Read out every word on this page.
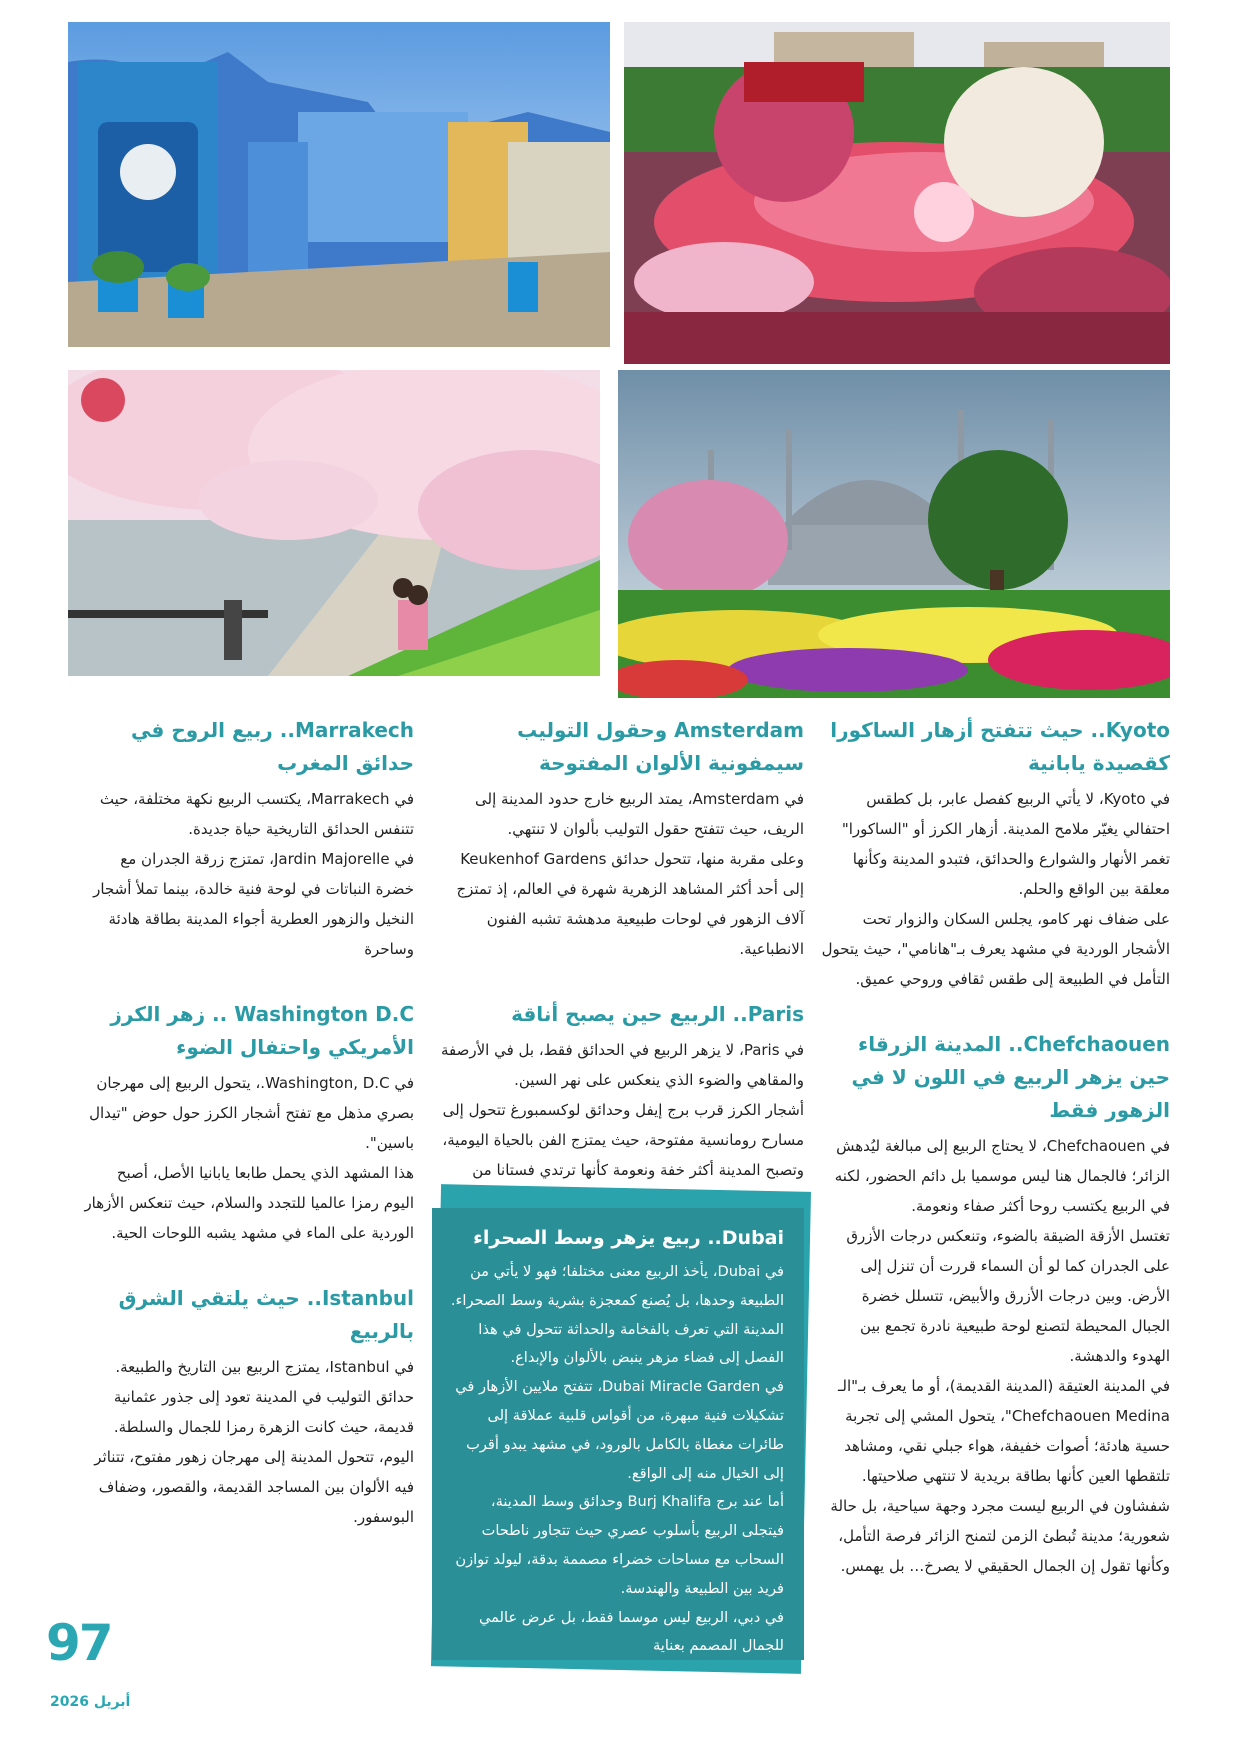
Kyoto.. حيث تتفتح أزهار الساكورا كقصيدة يابانية

في Kyoto، لا يأتي الربيع كفصل عابر، بل كطقس احتفالي يغيّر ملامح المدينة. أزهار الكرز أو "الساكورا" تغمر الأنهار والشوارع والحدائق، فتبدو المدينة وكأنها معلقة بين الواقع والحلم.

على ضفاف نهر كامو، يجلس السكان والزوار تحت الأشجار الوردية في مشهد يعرف بـ"هانامي"، حيث يتحول التأمل في الطبيعة إلى طقس ثقافي وروحي عميق.

Chefchaouen.. المدينة الزرقاء حين يزهر الربيع في اللون لا في الزهور فقط

في Chefchaouen، لا يحتاج الربيع إلى مبالغة ليُدهش الزائر؛ فالجمال هنا ليس موسميا بل دائم الحضور، لكنه في الربيع يكتسب روحا أكثر صفاء ونعومة.

تغتسل الأزقة الضيقة بالضوء، وتنعكس درجات الأزرق على الجدران كما لو أن السماء قررت أن تنزل إلى الأرض. وبين درجات الأزرق والأبيض، تتسلل خضرة الجبال المحيطة لتصنع لوحة طبيعية نادرة تجمع بين الهدوء والدهشة.

في المدينة العتيقة (المدينة القديمة)، أو ما يعرف بـ"الـ Chefchaouen Medina"، يتحول المشي إلى تجربة حسية هادئة؛ أصوات خفيفة، هواء جبلي نقي، ومشاهد تلتقطها العين كأنها بطاقة بريدية لا تنتهي صلاحيتها.

شفشاون في الربيع ليست مجرد وجهة سياحية، بل حالة شعورية؛ مدينة تُبطئ الزمن لتمنح الزائر فرصة التأمل، وكأنها تقول إن الجمال الحقيقي لا يصرخ… بل يهمس.

Amsterdam وحقول التوليب سيمفونية الألوان المفتوحة

في Amsterdam، يمتد الربيع خارج حدود المدينة إلى الريف، حيث تتفتح حقول التوليب بألوان لا تنتهي.

وعلى مقربة منها، تتحول حدائق Keukenhof Gardens إلى أحد أكثر المشاهد الزهرية شهرة في العالم، إذ تمتزج آلاف الزهور في لوحات طبيعية مدهشة تشبه الفنون الانطباعية.

Paris.. الربيع حين يصبح أناقة

في Paris، لا يزهر الربيع في الحدائق فقط، بل في الأرصفة والمقاهي والضوء الذي ينعكس على نهر السين.

أشجار الكرز قرب برج إيفل وحدائق لوكسمبورغ تتحول إلى مسارح رومانسية مفتوحة، حيث يمتزج الفن بالحياة اليومية، وتصبح المدينة أكثر خفة ونعومة كأنها ترتدي فستانا من

Dubai.. ربيع يزهر وسط الصحراء

في Dubai، يأخذ الربيع معنى مختلفا؛ فهو لا يأتي من الطبيعة وحدها، بل يُصنع كمعجزة بشرية وسط الصحراء. المدينة التي تعرف بالفخامة والحداثة تتحول في هذا الفصل إلى فضاء مزهر ينبض بالألوان والإبداع.

في Dubai Miracle Garden، تتفتح ملايين الأزهار في تشكيلات فنية مبهرة، من أقواس قلبية عملاقة إلى طائرات مغطاة بالكامل بالورود، في مشهد يبدو أقرب إلى الخيال منه إلى الواقع.

أما عند برج Burj Khalifa وحدائق وسط المدينة، فيتجلى الربيع بأسلوب عصري حيث تتجاور ناطحات السحاب مع مساحات خضراء مصممة بدقة، ليولد توازن فريد بين الطبيعة والهندسة.

في دبي، الربيع ليس موسما فقط، بل عرض عالمي للجمال المصمم بعناية

Marrakech.. ربيع الروح في حدائق المغرب

في Marrakech، يكتسب الربيع نكهة مختلفة، حيث تتنفس الحدائق التاريخية حياة جديدة.

في Jardin Majorelle، تمتزج زرقة الجدران مع خضرة النباتات في لوحة فنية خالدة، بينما تملأ أشجار النخيل والزهور العطرية أجواء المدينة بطاقة هادئة وساحرة

Washington D.C .. زهر الكرز الأمريكي واحتفال الضوء

في Washington, D.C.، يتحول الربيع إلى مهرجان بصري مذهل مع تفتح أشجار الكرز حول حوض "تيدال باسين".

هذا المشهد الذي يحمل طابعا يابانيا الأصل، أصبح اليوم رمزا عالميا للتجدد والسلام، حيث تنعكس الأزهار الوردية على الماء في مشهد يشبه اللوحات الحية.

Istanbul.. حيث يلتقي الشرق بالربيع

في Istanbul، يمتزج الربيع بين التاريخ والطبيعة.

حدائق التوليب في المدينة تعود إلى جذور عثمانية قديمة، حيث كانت الزهرة رمزا للجمال والسلطة.

اليوم، تتحول المدينة إلى مهرجان زهور مفتوح، تتناثر فيه الألوان بين المساجد القديمة، والقصور، وضفاف البوسفور.

97
أبريل 2026
